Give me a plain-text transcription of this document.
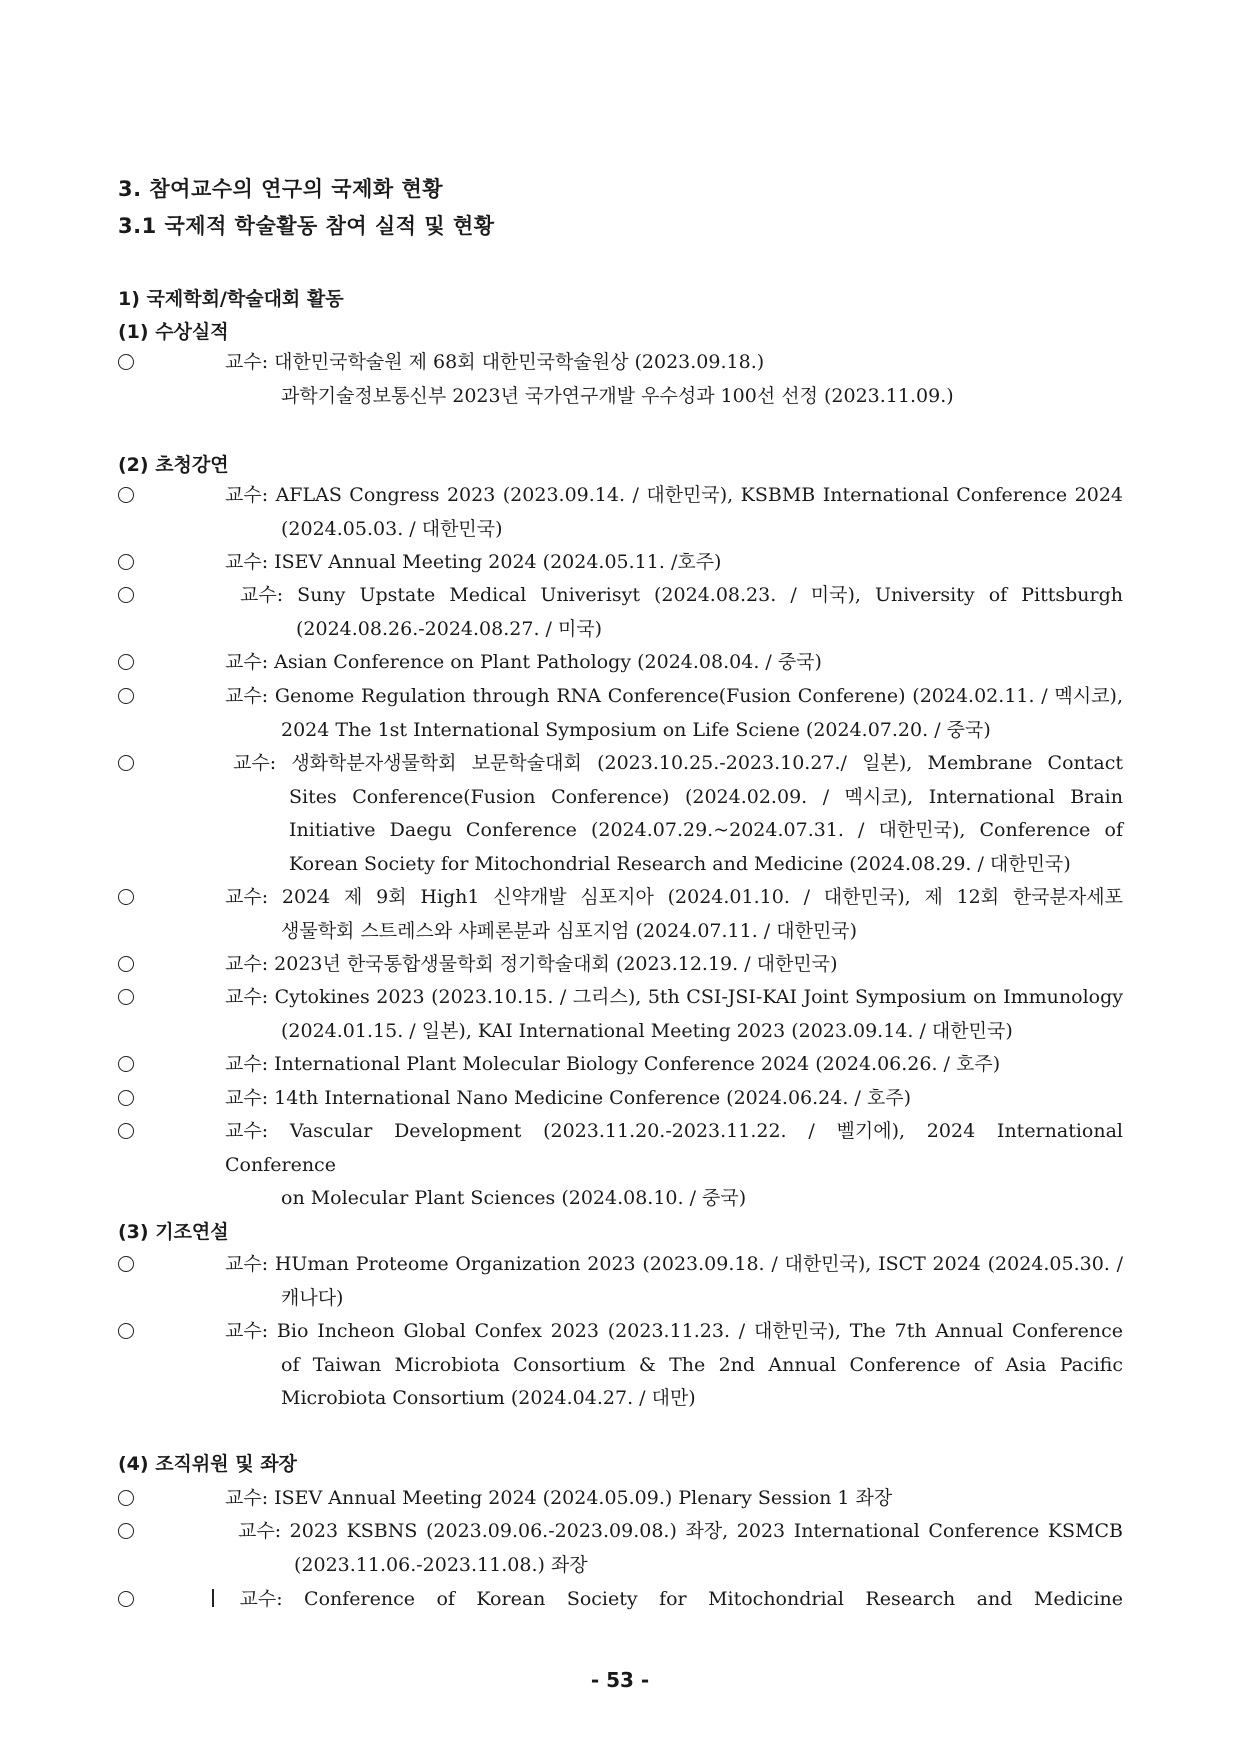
3. 참여교수의 연구의 국제화 현황
3.1 국제적 학술활동 참여 실적 및 현황
1) 국제학회/학술대회 활동
(1) 수상실적
교수: 대한민국학술원 제 68회 대한민국학술원상 (2023.09.18.)
과학기술정보통신부 2023년 국가연구개발 우수성과 100선 선정 (2023.11.09.)
(2) 초청강연
교수: AFLAS Congress 2023 (2023.09.14. / 대한민국), KSBMB International Conference 2024
(2024.05.03. / 대한민국)
교수: ISEV Annual Meeting 2024 (2024.05.11. /호주)
교수: Suny Upstate Medical Univerisyt (2024.08.23. / 미국), University of Pittsburgh
(2024.08.26.-2024.08.27. / 미국)
교수: Asian Conference on Plant Pathology (2024.08.04. / 중국)
교수: Genome Regulation through RNA Conference(Fusion Conferene) (2024.02.11. / 멕시코),
2024 The 1st International Symposium on Life Sciene (2024.07.20. / 중국)
교수: 생화학분자생물학회 보문학술대회 (2023.10.25.-2023.10.27./ 일본), Membrane Contact
Sites Conference(Fusion Conference) (2024.02.09. / 멕시코), International Brain
Initiative Daegu Conference (2024.07.29.~2024.07.31. / 대한민국), Conference of
Korean Society for Mitochondrial Research and Medicine (2024.08.29. / 대한민국)
교수: 2024 제 9회 High1 신약개발 심포지아 (2024.01.10. / 대한민국), 제 12회 한국분자세포
생물학회 스트레스와 샤페론분과 심포지엄 (2024.07.11. / 대한민국)
교수: 2023년 한국통합생물학회 정기학술대회 (2023.12.19. / 대한민국)
교수: Cytokines 2023 (2023.10.15. / 그리스), 5th CSI-JSI-KAI Joint Symposium on Immunology
(2024.01.15. / 일본), KAI International Meeting 2023 (2023.09.14. / 대한민국)
교수: International Plant Molecular Biology Conference 2024 (2024.06.26. / 호주)
교수: 14th International Nano Medicine Conference (2024.06.24. / 호주)
교수: Vascular Development (2023.11.20.-2023.11.22. / 벨기에), 2024 International Conference
on Molecular Plant Sciences (2024.08.10. / 중국)
(3) 기조연설
교수: HUman Proteome Organization 2023 (2023.09.18. / 대한민국), ISCT 2024 (2024.05.30. /
캐나다)
교수: Bio Incheon Global Confex 2023 (2023.11.23. / 대한민국), The 7th Annual Conference
of Taiwan Microbiota Consortium & The 2nd Annual Conference of Asia Pacific
Microbiota Consortium (2024.04.27. / 대만)
(4) 조직위원 및 좌장
교수: ISEV Annual Meeting 2024 (2024.05.09.) Plenary Session 1 좌장
교수: 2023 KSBNS (2023.09.06.-2023.09.08.) 좌장, 2023 International Conference KSMCB
(2023.11.06.-2023.11.08.) 좌장
교수: Conference of Korean Society for Mitochondrial Research and Medicine
- 53 -
